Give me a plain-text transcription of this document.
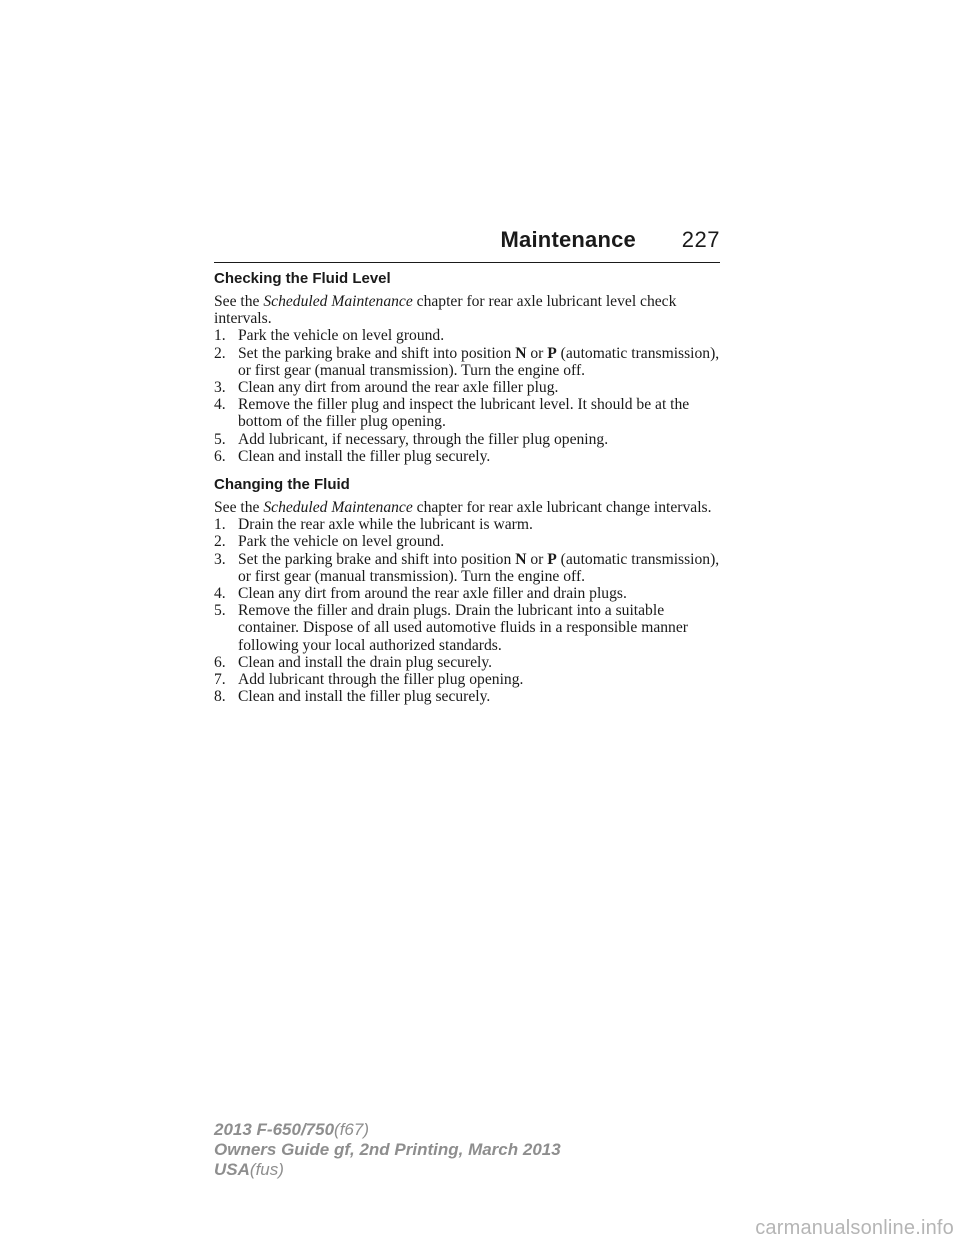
Maintenance 227
Checking the Fluid Level

See the Scheduled Maintenance chapter for rear axle lubricant level check intervals.

1. Park the vehicle on level ground.
2. Set the parking brake and shift into position N or P (automatic transmission), or first gear (manual transmission). Turn the engine off.
3. Clean any dirt from around the rear axle filler plug.
4. Remove the filler plug and inspect the lubricant level. It should be at the bottom of the filler plug opening.
5. Add lubricant, if necessary, through the filler plug opening.
6. Clean and install the filler plug securely.
Changing the Fluid

See the Scheduled Maintenance chapter for rear axle lubricant change intervals.

1. Drain the rear axle while the lubricant is warm.
2. Park the vehicle on level ground.
3. Set the parking brake and shift into position N or P (automatic transmission), or first gear (manual transmission). Turn the engine off.
4. Clean any dirt from around the rear axle filler and drain plugs.
5. Remove the filler and drain plugs. Drain the lubricant into a suitable container. Dispose of all used automotive fluids in a responsible manner following your local authorized standards.
6. Clean and install the drain plug securely.
7. Add lubricant through the filler plug opening.
8. Clean and install the filler plug securely.
2013 F-650/750(f67)
Owners Guide gf, 2nd Printing, March 2013
USA(fus)
carmanualsonline.info
